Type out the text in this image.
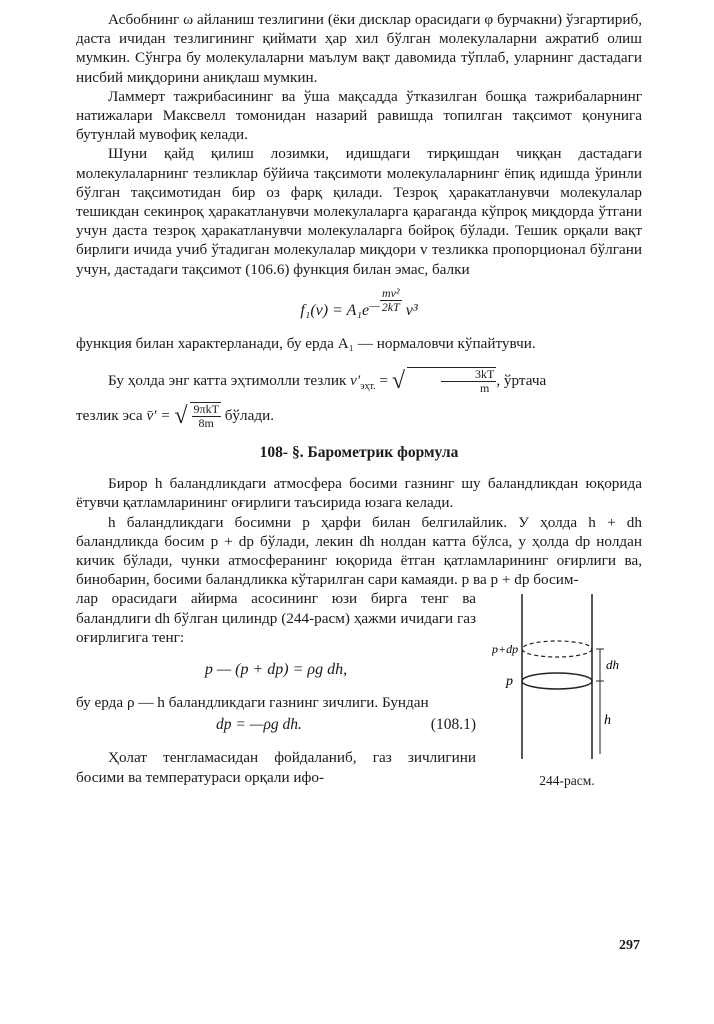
Асбобнинг ω айланиш тезлигини (ёки дисклар орасидаги φ бурчакни) ўзгартириб, даста ичидан тезлигининг қиймати ҳар хил бўлган молекулаларни ажратиб олиш мумкин. Сўнгра бу молекулаларни маълум вақт давомида тўплаб, уларнинг дастадаги нисбий миқдорини аниқлаш мумкин.

Ламмерт тажрибасининг ва ўша мақсадда ўтказилган бошқа тажрибаларнинг натижалари Максвелл томонидан назарий равишда топилган тақсимот қонунига бутунлай мувофиқ келади.

Шуни қайд қилиш лозимки, идишдаги тирқишдан чиққан дастадаги молекулаларнинг тезликлар бўйича тақсимоти молекулаларнинг ёпиқ идишда ўринли бўлган тақсимотидан бир оз фарқ қилади. Тезроқ ҳаракатланувчи молекулалар тешикдан секинроқ ҳаракатланувчи молекулаларга қараганда кўпроқ миқдорда ўтгани учун даста тезроқ ҳаракатланувчи молекулаларга бойроқ бўлади. Тешик орқали вақт бирлиги ичида учиб ўтадиган молекулалар миқдори v тезликка пропорционал бўлгани учун, дастадаги тақсимот (106.6) функция билан эмас, балки

$f_1(v) = A_1e^{— \frac{\text{mv²}}{2kT}}$ v³

функция билан характерланади, бу ерда A₁ — нормаловчи кўпайтувчи.

Бу ҳолда энг катта эҳтимолли тезлик $v'_{эҳт.}$ = √	$\frac{3kT}{m}$ , ўртача

тезлик эса v̄′ = √ $\frac{\text{9πkT}}{8m}$ бўлади.

108- §. Барометрик формула

Бирор h баландликдаги атмосфера босими газнинг шу баландликдан юқорида ётувчи қатламларининг оғирлиги таъсирида юзага келади.

h баландликдаги босимни p ҳарфи билан белгилайлик. У ҳолда h + dh баландликда босим p + dp бўлади, лекин dh нолдан катта бўлса, у ҳолда dp нолдан кичик бўлади, чунки атмосферанинг юқорида ётган қатламларининг оғирлиги ва, бинобарин, босими баландликка кўтарилган сари камаяди. p ва p + dp босим-

лар орасидаги айирма асосининг юзи бирга тенг ва баландлиги dh бўлган цилиндр (244-расм) ҳажми ичидаги газ оғирлигига тенг:

p — (p + dp) = ρg dh,

бу ерда ρ — h баландликдаги газнинг зичлиги. Бундан

dp = —ρg dh.	(108.1)

Ҳолат тенгламасидан фойдаланиб, газ зичлигини босими ва температураси орқали ифо-

p+dp
p
dh
h
244-расм.
297
